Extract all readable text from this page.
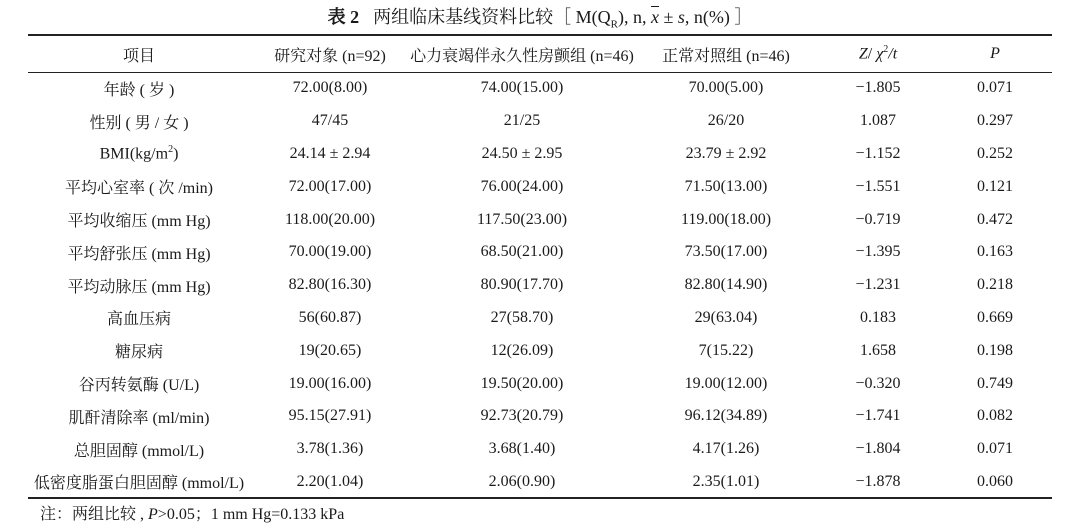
表 2 两组临床基线资料比较［ $M(Q_R)$, n, $\overline{x} \pm s$, n(%) ］
项目	研究对象 (n=92)	心力衰竭伴永久性房颤组 (n=46)	正常对照组 (n=46)	Z/ $\chi^2/t$	P
年龄 ( 岁 )	72.00(8.00)	74.00(15.00)	70.00(5.00)	−1.805	0.071
性别 ( 男 / 女 )	47/45	21/25	26/20	1.087	0.297
$BMI(kg/m^2)$	24.14 ± 2.94	24.50 ± 2.95	23.79 ± 2.92	−1.152	0.252
平均心室率 ( 次 /min)	72.00(17.00)	76.00(24.00)	71.50(13.00)	−1.551	0.121
平均收缩压 (mm Hg)	118.00(20.00)	117.50(23.00)	119.00(18.00)	−0.719	0.472
平均舒张压 (mm Hg)	70.00(19.00)	68.50(21.00)	73.50(17.00)	−1.395	0.163
平均动脉压 (mm Hg)	82.80(16.30)	80.90(17.70)	82.80(14.90)	−1.231	0.218
高血压病	56(60.87)	27(58.70)	29(63.04)	0.183	0.669
糖尿病	19(20.65)	12(26.09)	7(15.22)	1.658	0.198
谷丙转氨酶 (U/L)	19.00(16.00)	19.50(20.00)	19.00(12.00)	−0.320	0.749
肌酐清除率 (ml/min)	95.15(27.91)	92.73(20.79)	96.12(34.89)	−1.741	0.082
总胆固醇 (mmol/L)	3.78(1.36)	3.68(1.40)	4.17(1.26)	−1.804	0.071
低密度脂蛋白胆固醇 (mmol/L)	2.20(1.04)	2.06(0.90)	2.35(1.01)	−1.878	0.060
注：两组比较 , P>0.05；1 mm Hg=0.133 kPa
